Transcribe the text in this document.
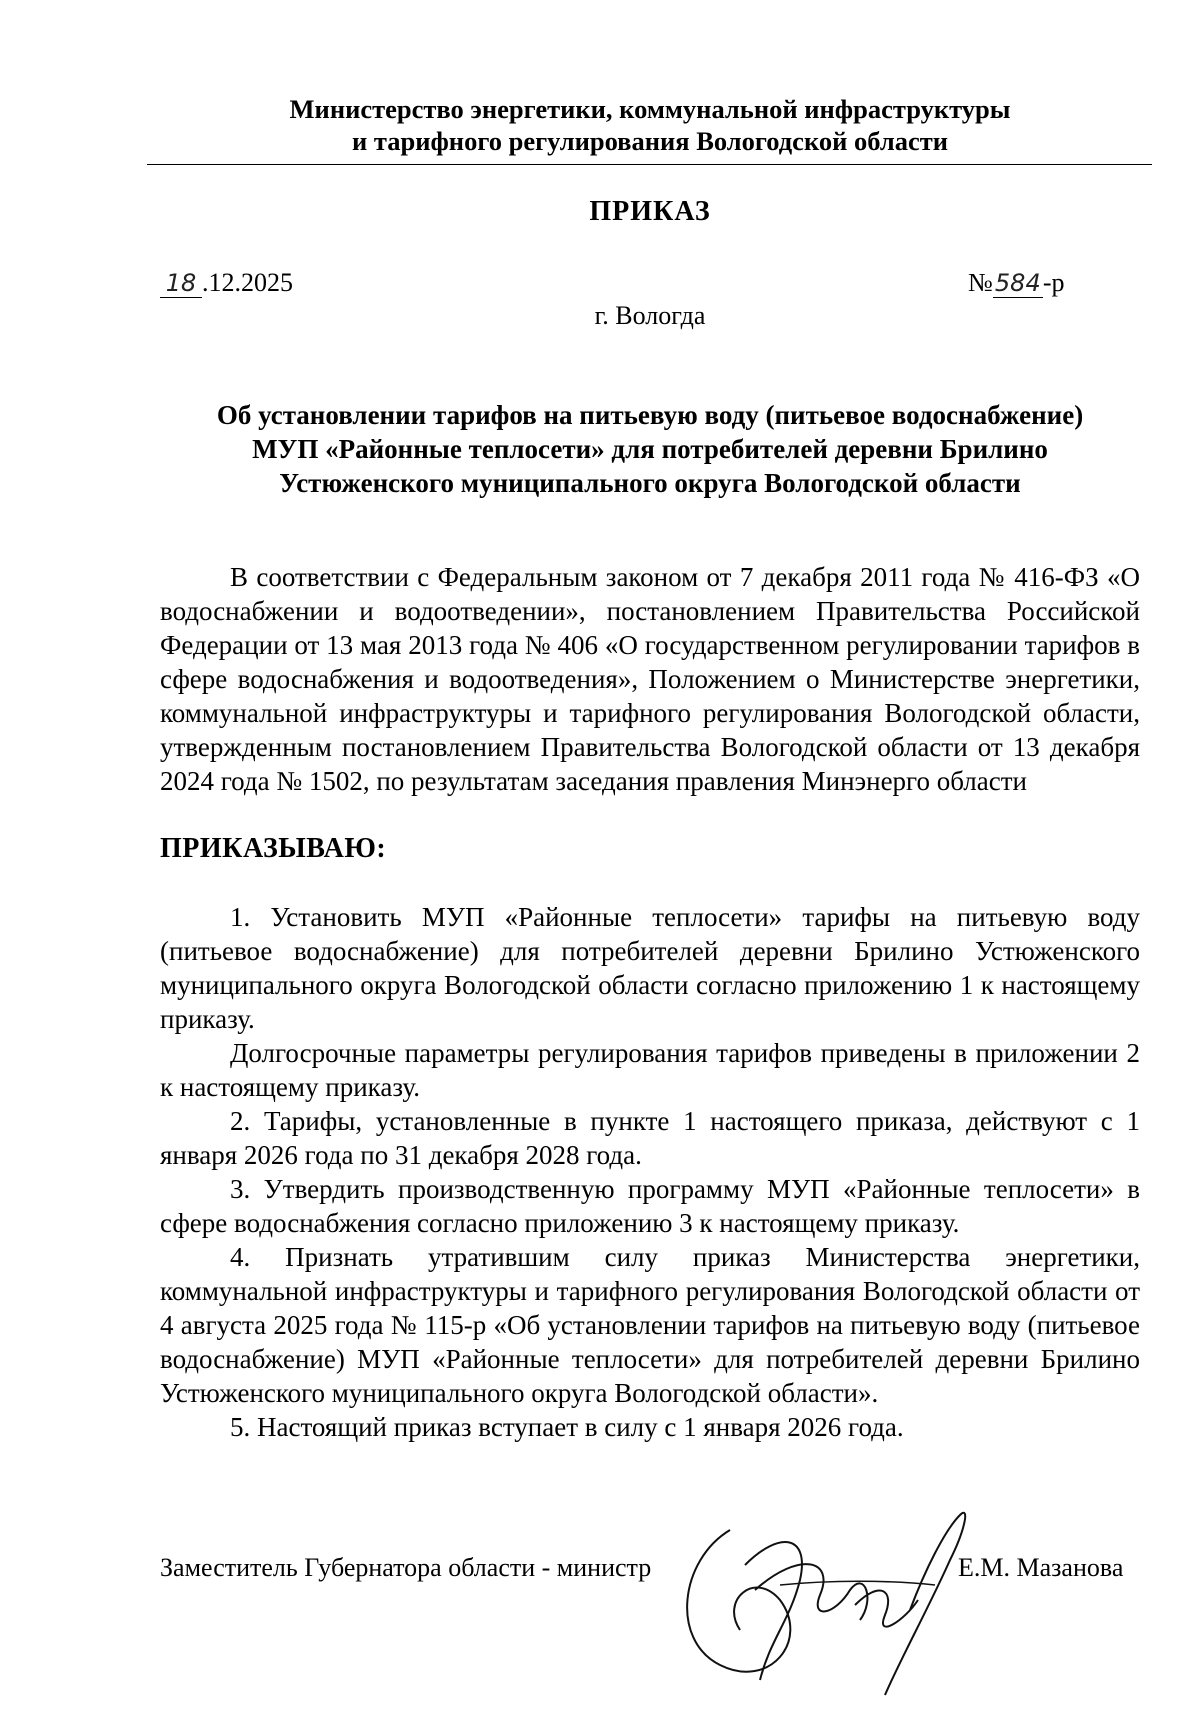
Министерство энергетики, коммунальной инфраструктуры
и тарифного регулирования Вологодской области
ПРИКАЗ
18 .12.2025	№584-р
г. Вологда
Об установлении тарифов на питьевую воду (питьевое водоснабжение)
МУП «Районные теплосети» для потребителей деревни Брилино
Устюженского муниципального округа Вологодской области

В соответствии с Федеральным законом от 7 декабря 2011 года № 416-ФЗ «О водоснабжении и водоотведении», постановлением Правительства Российской Федерации от 13 мая 2013 года № 406 «О государственном регулировании тарифов в сфере водоснабжения и водоотведения», Положением о Министерстве энергетики, коммунальной инфраструктуры и тарифного регулирования Вологодской области, утвержденным постановлением Правительства Вологодской области от 13 декабря 2024 года № 1502, по результатам заседания правления Минэнерго области

ПРИКАЗЫВАЮ:

1. Установить МУП «Районные теплосети» тарифы на питьевую воду (питьевое водоснабжение) для потребителей деревни Брилино Устюженского муниципального округа Вологодской области согласно приложению 1 к настоящему приказу.

Долгосрочные параметры регулирования тарифов приведены в приложении 2 к настоящему приказу.

2. Тарифы, установленные в пункте 1 настоящего приказа, действуют с 1 января 2026 года по 31 декабря 2028 года.

3. Утвердить производственную программу МУП «Районные теплосети» в сфере водоснабжения согласно приложению 3 к настоящему приказу.

4. Признать утратившим силу приказ Министерства энергетики, коммунальной инфраструктуры и тарифного регулирования Вологодской области от 4 августа 2025 года № 115-р «Об установлении тарифов на питьевую воду (питьевое водоснабжение) МУП «Районные теплосети» для потребителей деревни Брилино Устюженского муниципального округа Вологодской области».

5. Настоящий приказ вступает в силу с 1 января 2026 года.

Заместитель Губернатора области - министр	Е.М. Мазанова
